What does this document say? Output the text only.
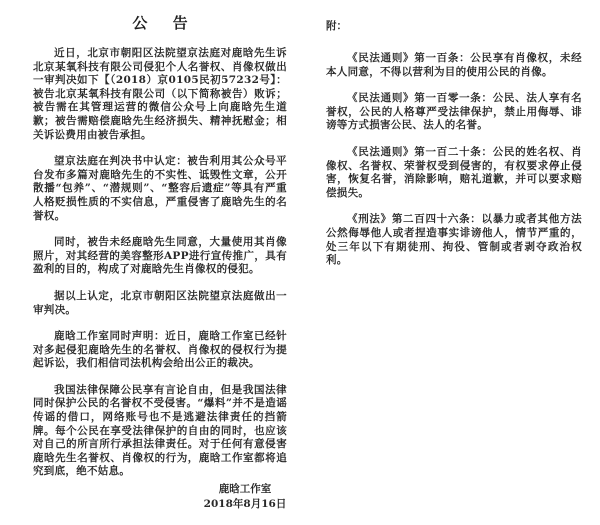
公 告

近日，北京市朝阳区法院望京法庭对鹿晗先生诉北京某氧科技有限公司侵犯个人名誉权、肖像权做出一审判决如下【（2018）京0105民初57232号】：被告北京某氧科技有限公司（以下简称被告）败诉；被告需在其管理运营的微信公众号上向鹿晗先生道歉；被告需赔偿鹿晗先生经济损失、精神抚慰金；相关诉讼费用由被告承担。

望京法庭在判决书中认定：被告利用其公众号平台发布多篇对鹿晗先生的不实性、诋毁性文章，公开散播“包养”、“潜规则”、“整容后遗症”等具有严重人格贬损性质的不实信息，严重侵害了鹿晗先生的名誉权。

同时，被告未经鹿晗先生同意，大量使用其肖像照片，对其经营的美容整形APP进行宣传推广，具有盈利的目的，构成了对鹿晗先生肖像权的侵犯。

据以上认定，北京市朝阳区法院望京法庭做出一审判决。

鹿晗工作室同时声明：近日，鹿晗工作室已经针对多起侵犯鹿晗先生的名誉权、肖像权的侵权行为提起诉讼，我们相信司法机构会给出公正的裁决。

我国法律保障公民享有言论自由，但是我国法律同时保护公民的名誉权不受侵害。“爆料”并不是造谣传谣的借口，网络账号也不是逃避法律责任的挡箭牌。每个公民在享受法律保护的自由的同时，也应该对自己的所言所行承担法律责任。对于任何有意侵害鹿晗先生名誉权、肖像权的行为，鹿晗工作室都将追究到底，绝不姑息。

附：

《民法通则》第一百条：公民享有肖像权，未经本人同意，不得以营利为目的使用公民的肖像。

《民法通则》第一百零一条：公民、法人享有名誉权，公民的人格尊严受法律保护，禁止用侮辱、诽谤等方式损害公民、法人的名誉。

《民法通则》第一百二十条：公民的姓名权、肖像权、名誉权、荣誉权受到侵害的，有权要求停止侵害，恢复名誉，消除影响，赔礼道歉，并可以要求赔偿损失。

《刑法》第二百四十六条：以暴力或者其他方法公然侮辱他人或者捏造事实诽谤他人，情节严重的，处三年以下有期徒刑、拘役、管制或者剥夺政治权利。

鹿晗工作室
2018年8月16日
